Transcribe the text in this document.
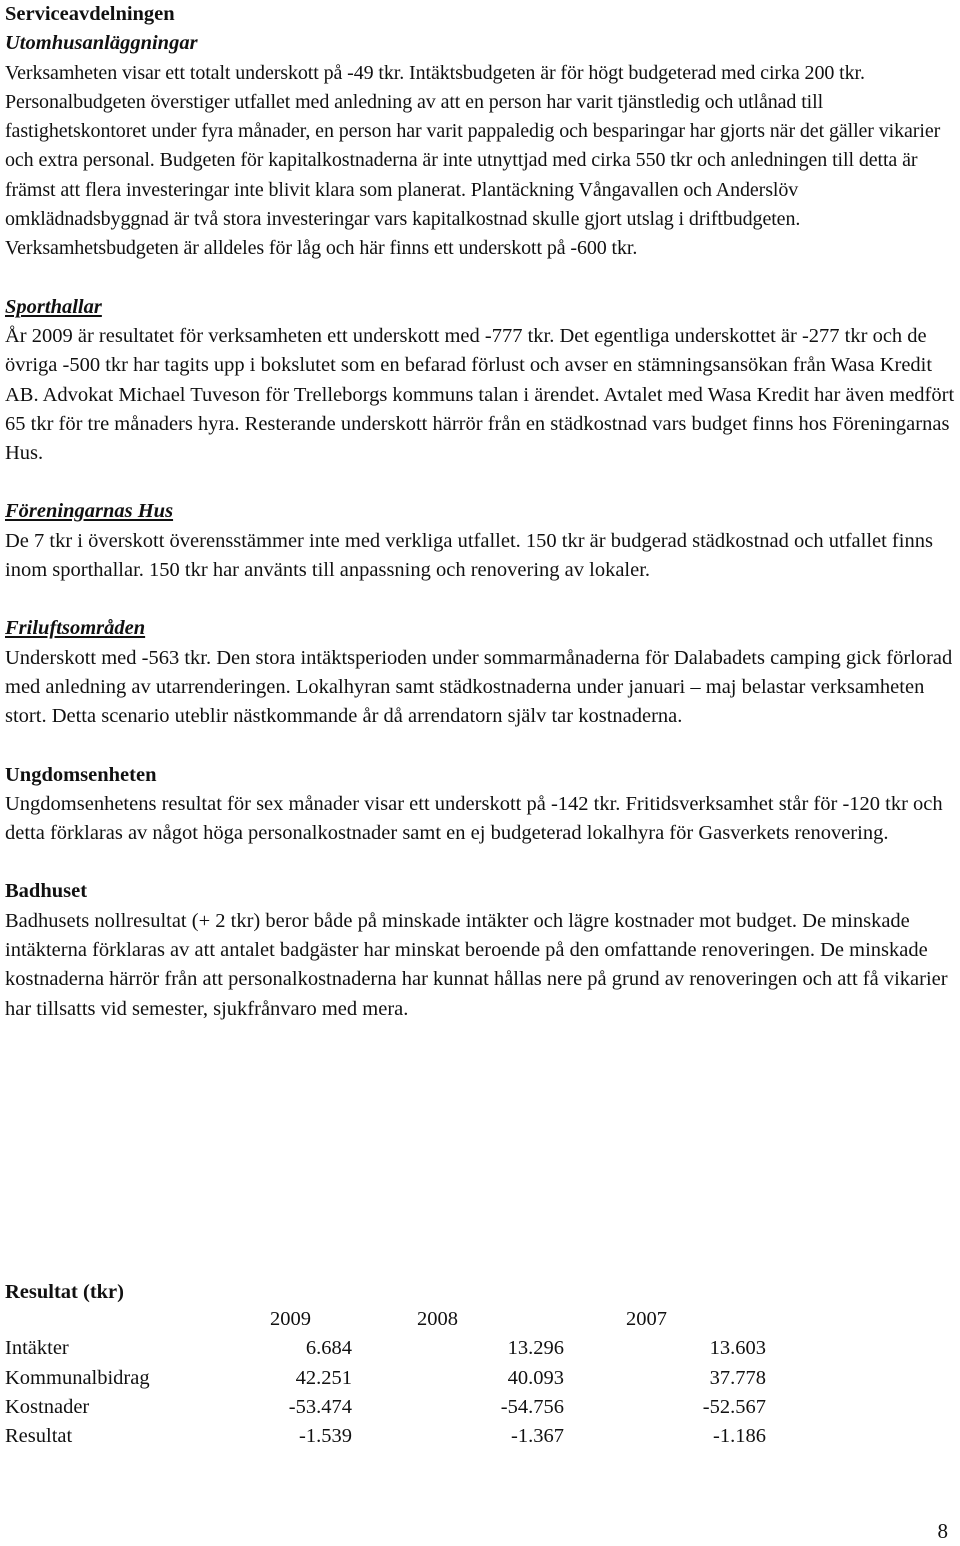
Serviceavdelningen
Utomhusanläggningar

Verksamheten visar ett totalt underskott på -49 tkr. Intäktsbudgeten är för högt budgeterad med cirka 200 tkr. Personalbudgeten överstiger utfallet med anledning av att en person har varit tjänstledig och utlånad till fastighetskontoret under fyra månader, en person har varit pappaledig och besparingar har gjorts när det gäller vikarier och extra personal. Budgeten för kapitalkostnaderna är inte utnyttjad med cirka 550 tkr och anledningen till detta är främst att flera investeringar inte blivit klara som planerat. Plantäckning Vångavallen och Anderslöv omklädnadsbyggnad är två stora investeringar vars kapitalkostnad skulle gjort utslag i driftbudgeten. Verksamhetsbudgeten är alldeles för låg och här finns ett underskott på -600 tkr.

Sporthallar

År 2009 är resultatet för verksamheten ett underskott med -777 tkr. Det egentliga underskottet är -277 tkr och de övriga -500 tkr har tagits upp i bokslutet som en befarad förlust och avser en stämningsansökan från Wasa Kredit AB. Advokat Michael Tuveson för Trelleborgs kommuns talan i ärendet. Avtalet med Wasa Kredit har även medfört 65 tkr för tre månaders hyra. Resterande underskott härrör från en städkostnad vars budget finns hos Föreningarnas Hus.

Föreningarnas Hus

De 7 tkr i överskott överensstämmer inte med verkliga utfallet. 150 tkr är budgerad städkostnad och utfallet finns inom sporthallar. 150 tkr har använts till anpassning och renovering av lokaler.

Friluftsområden

Underskott med -563 tkr. Den stora intäktsperioden under sommarmånaderna för Dalabadets camping gick förlorad med anledning av utarrenderingen. Lokalhyran samt städkostnaderna under januari – maj belastar verksamheten stort. Detta scenario uteblir nästkommande år då arrendatorn själv tar kostnaderna.

Ungdomsenheten

Ungdomsenhetens resultat för sex månader visar ett underskott på -142 tkr. Fritidsverksamhet står för -120 tkr och detta förklaras av något höga personalkostnader samt en ej budgeterad lokalhyra för Gasverkets renovering.

Badhuset

Badhusets nollresultat (+ 2 tkr) beror både på minskade intäkter och lägre kostnader mot budget. De minskade intäkterna förklaras av att antalet badgäster har minskat beroende på den omfattande renoveringen. De minskade kostnaderna härrör från att personalkostnaderna har kunnat hållas nere på grund av renoveringen och att få vikarier har tillsatts vid semester, sjukfrånvaro med mera.

Resultat (tkr)
	2009	2008	2007
Intäkter	6.684	13.296	13.603
Kommunalbidrag	42.251	40.093	37.778
Kostnader	-53.474	-54.756	-52.567
Resultat	-1.539	-1.367	-1.186
8
